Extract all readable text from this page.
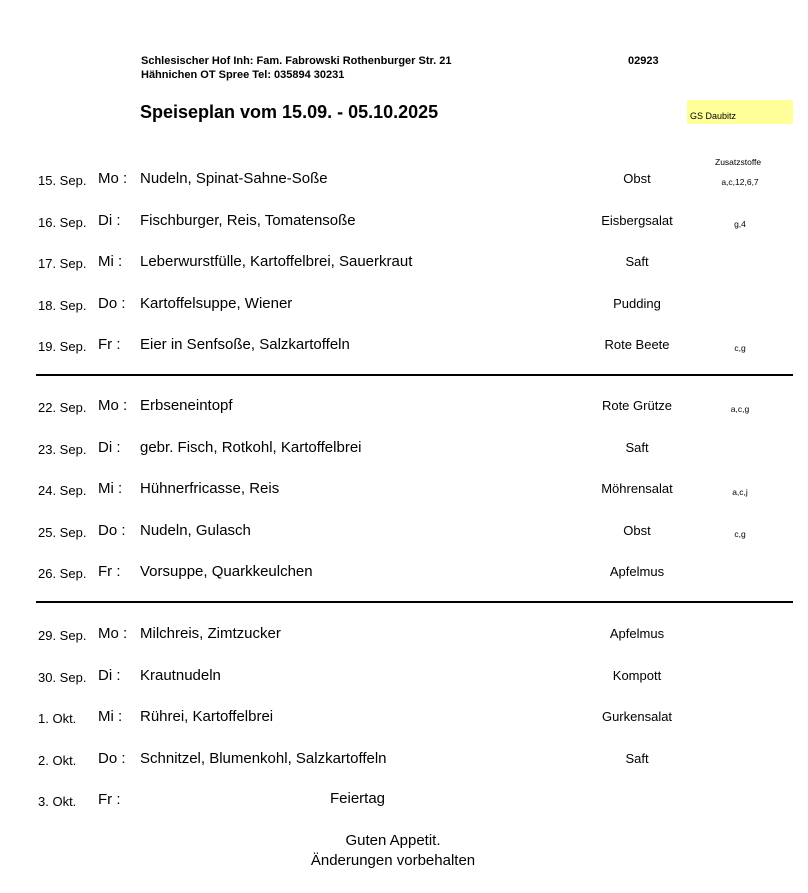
Schlesischer Hof Inh: Fam. Fabrowski Rothenburger Str. 21	02923
Hähnichen OT Spree Tel: 035894 30231
Speiseplan vom 15.09. - 05.10.2025	GS Daubitz
Zusatzstoffe
15. Sep. Mo : Nudeln, Spinat-Sahne-Soße	Obst	a,c,12,6,7
16. Sep. Di : Fischburger, Reis, Tomatensoße	Eisbergsalat	g,4
17. Sep. Mi : Leberwurstfülle, Kartoffelbrei, Sauerkraut	Saft
18. Sep. Do : Kartoffelsuppe, Wiener	Pudding
19. Sep. Fr : Eier in Senfsoße, Salzkartoffeln	Rote Beete	c,g
22. Sep. Mo : Erbseneintopf	Rote Grütze	a,c,g
23. Sep. Di : gebr. Fisch, Rotkohl, Kartoffelbrei	Saft
24. Sep. Mi : Hühnerfricasse, Reis	Möhrensalat	a,c,j
25. Sep. Do : Nudeln, Gulasch	Obst	c,g
26. Sep. Fr : Vorsuppe, Quarkkeulchen	Apfelmus
29. Sep. Mo : Milchreis, Zimtzucker	Apfelmus
30. Sep. Di : Krautnudeln	Kompott
1. Okt. Mi : Rührei, Kartoffelbrei	Gurkensalat
2. Okt. Do : Schnitzel, Blumenkohl, Salzkartoffeln	Saft
3. Okt. Fr :	Feiertag
Guten Appetit.
Änderungen vorbehalten
